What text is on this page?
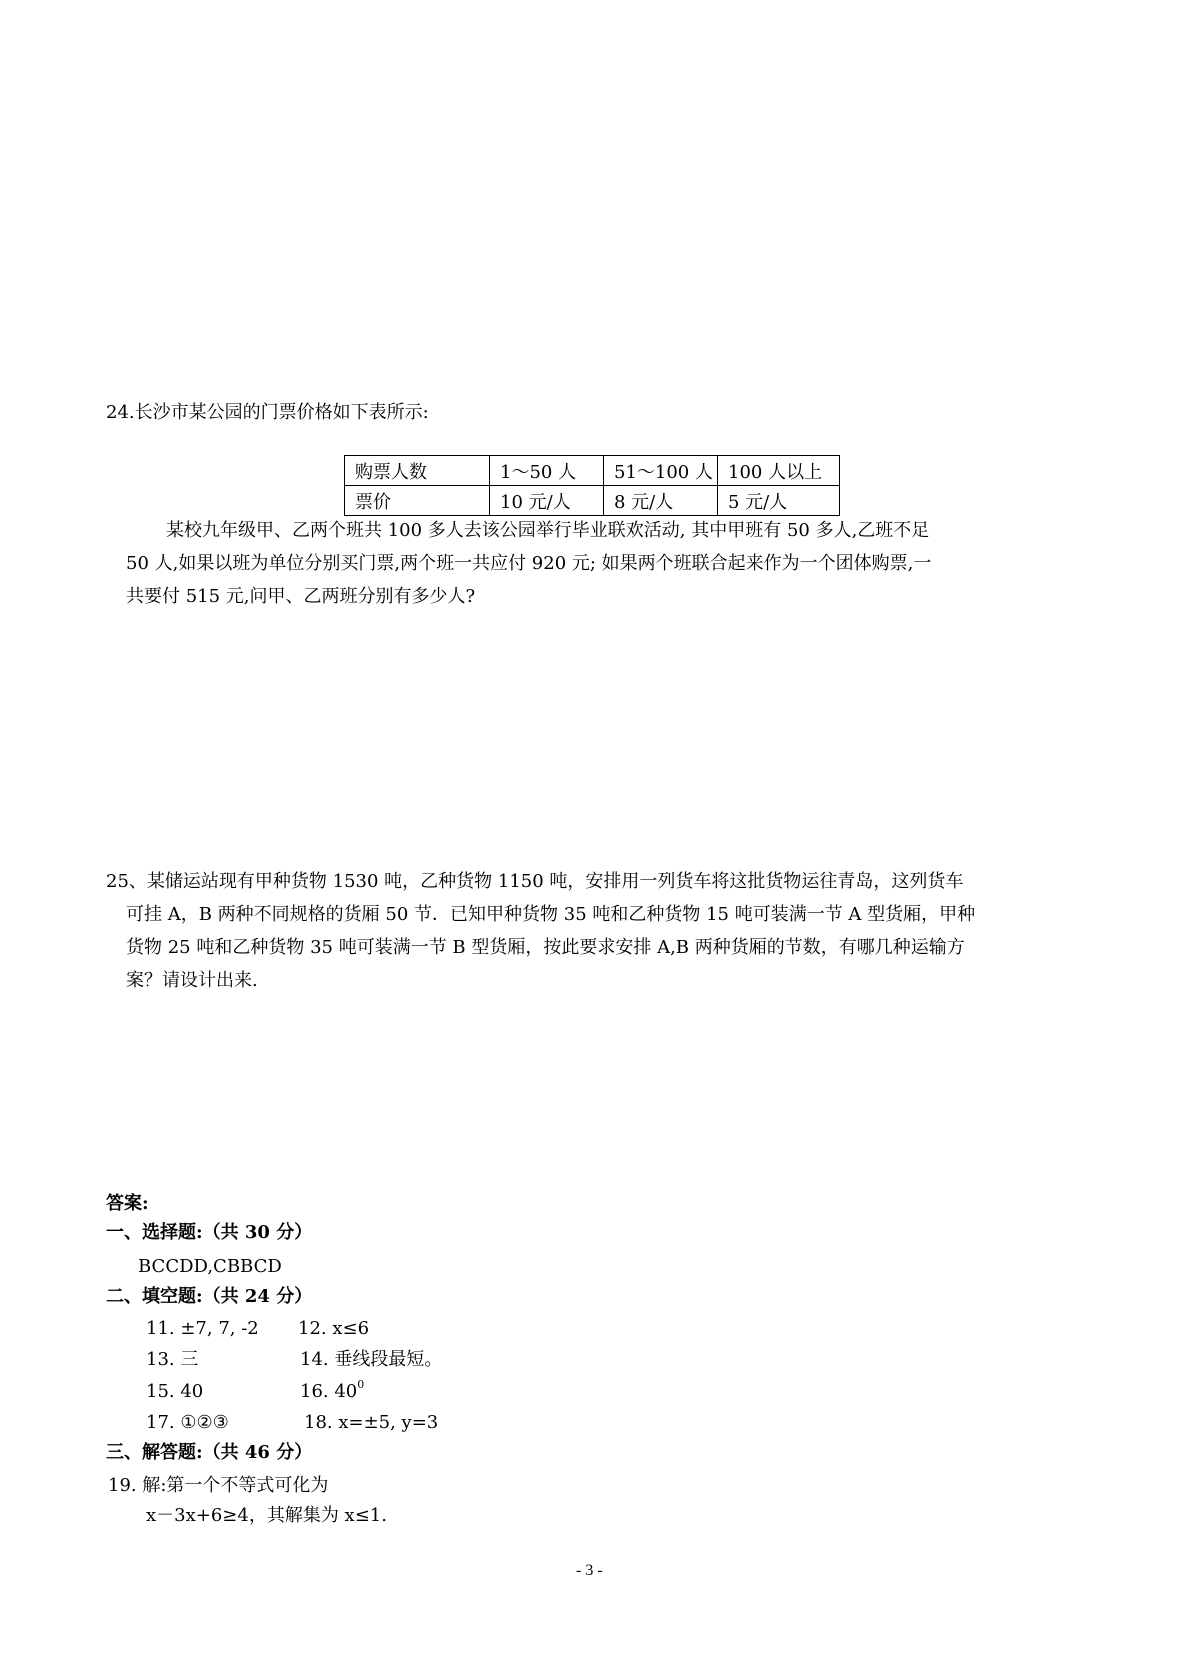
24.长沙市某公园的门票价格如下表所示:
购票人数	1～50 人	51～100 人	100 人以上
票价	10 元/人	8 元/人	5 元/人
某校九年级甲、乙两个班共 100 多人去该公园举行毕业联欢活动, 其中甲班有 50 多人,乙班不足
50 人,如果以班为单位分别买门票,两个班一共应付 920 元; 如果两个班联合起来作为一个团体购票,一
共要付 515 元,问甲、乙两班分别有多少人?
25、某储运站现有甲种货物 1530 吨，乙种货物 1150 吨，安排用一列货车将这批货物运往青岛，这列货车
可挂 A，B 两种不同规格的货厢 50 节．已知甲种货物 35 吨和乙种货物 15 吨可装满一节 A 型货厢，甲种
货物 25 吨和乙种货物 35 吨可装满一节 B 型货厢，按此要求安排 A,B 两种货厢的节数，有哪几种运输方
案？请设计出来.
答案:
一、选择题:（共 30 分）
BCCDD,CBBCD
二、填空题:（共 24 分）
11. ±7, 7, -2 12. x≤6
13. 三	14. 垂线段最短。
15. 40	16. $40^0$
17. ①②③	18. x=±5, y=3
三、解答题:（共 46 分）
19. 解:第一个不等式可化为
x－3x+6≥4，其解集为 x≤1.
- 3 -
